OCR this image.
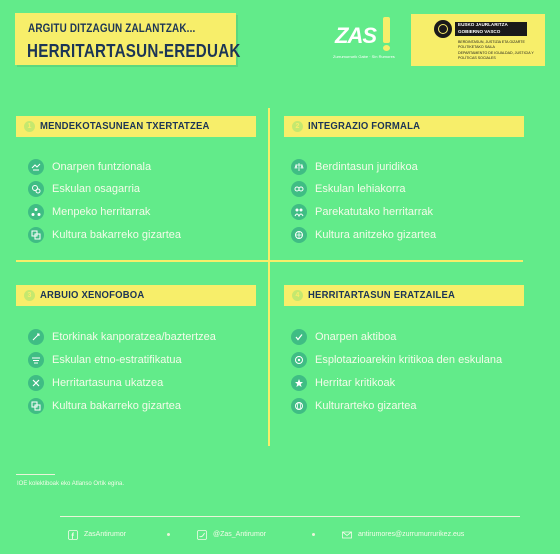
ARGITU DITZAGUN ZALANTZAK...
HERRITARTASUN-EREDUAK
ZAS
Zurrumurrurik Gabe · Sin Rumores
EUSKO JAURLARITZA
GOBIERNO VASCO
BERDINTASUN, JUSTIZIA ETA GIZARTE POLITIKETAKO SAILA
DEPARTAMENTO DE IGUALDAD, JUSTICIA Y POLÍTICAS SOCIALES
1 MENDEKOTASUNEAN TXERTATZEA
Onarpen funtzionala
Eskulan osagarria
Menpeko herritarrak
Kultura bakarreko gizartea
2 INTEGRAZIO FORMALA
Berdintasun juridikoa
Eskulan lehiakorra
Parekatutako herritarrak
Kultura anitzeko gizartea
3 ARBUIO XENOFOBOA
Etorkinak kanporatzea/baztertzea
Eskulan etno-estratifikatua
Herritartasuna ukatzea
Kultura bakarreko gizartea
4 HERRITARTASUN ERATZAILEA
Onarpen aktiboa
Esplotazioarekin kritikoa den eskulana
Herritar kritikoak
Kulturarteko gizartea
IOE kolektiboak eko Atlanso Ortik egina.
ZasAntirumor	@Zas_Antirumor	antirumores@zurrumurrurikez.eus
